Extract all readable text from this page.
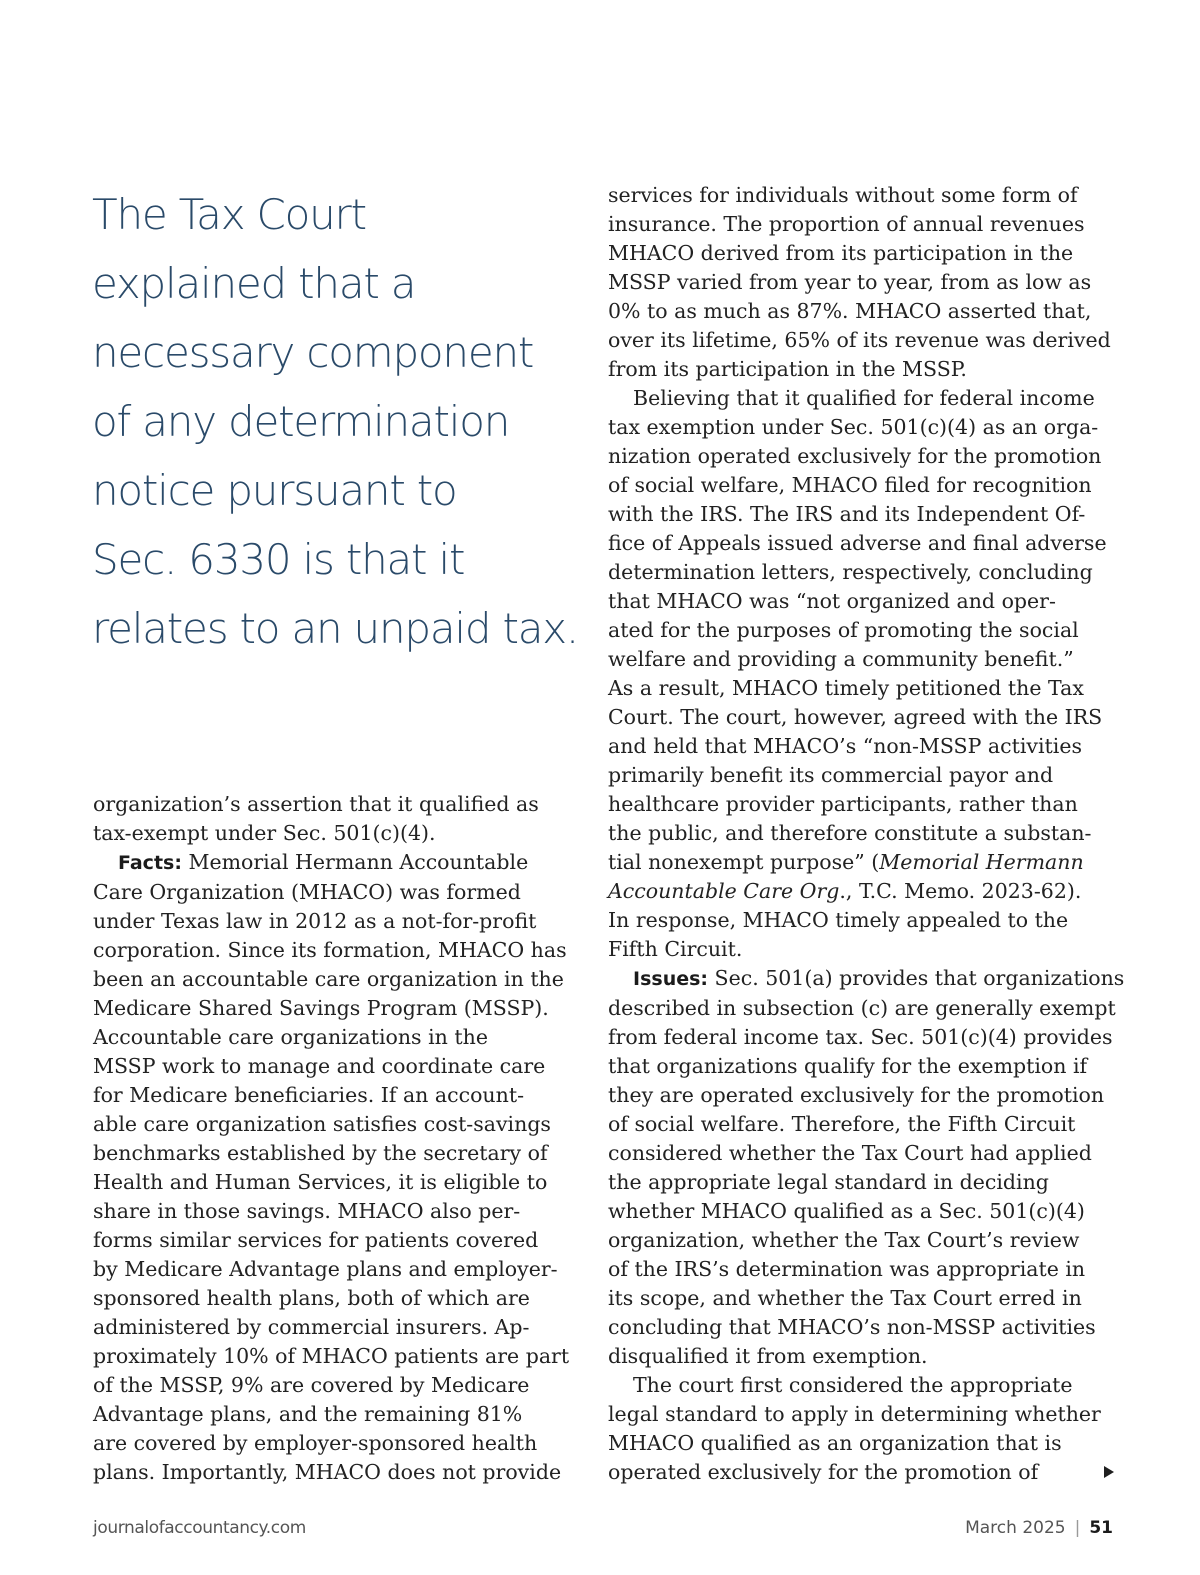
The Tax Court
explained that a
necessary component
of any determination
notice pursuant to
Sec. 6330 is that it
relates to an unpaid tax.
organization’s assertion that it qualified as
tax-exempt under Sec. 501(c)(4).
Facts: Memorial Hermann Accountable
Care Organization (MHACO) was formed
under Texas law in 2012 as a not-for-profit
corporation. Since its formation, MHACO has
been an accountable care organization in the
Medicare Shared Savings Program (MSSP).
Accountable care organizations in the
MSSP work to manage and coordinate care
for Medicare beneficiaries. If an account-
able care organization satisfies cost-savings
benchmarks established by the secretary of
Health and Human Services, it is eligible to
share in those savings. MHACO also per-
forms similar services for patients covered
by Medicare Advantage plans and employer-
sponsored health plans, both of which are
administered by commercial insurers. Ap-
proximately 10% of MHACO patients are part
of the MSSP, 9% are covered by Medicare
Advantage plans, and the remaining 81%
are covered by employer-sponsored health
plans. Importantly, MHACO does not provide
services for individuals without some form of
insurance. The proportion of annual revenues
MHACO derived from its participation in the
MSSP varied from year to year, from as low as
0% to as much as 87%. MHACO asserted that,
over its lifetime, 65% of its revenue was derived
from its participation in the MSSP.
Believing that it qualified for federal income
tax exemption under Sec. 501(c)(4) as an orga-
nization operated exclusively for the promotion
of social welfare, MHACO filed for recognition
with the IRS. The IRS and its Independent Of-
fice of Appeals issued adverse and final adverse
determination letters, respectively, concluding
that MHACO was “not organized and oper-
ated for the purposes of promoting the social
welfare and providing a community benefit.”
As a result, MHACO timely petitioned the Tax
Court. The court, however, agreed with the IRS
and held that MHACO’s “non-MSSP activities
primarily benefit its commercial payor and
healthcare provider participants, rather than
the public, and therefore constitute a substan-
tial nonexempt purpose” (Memorial Hermann
Accountable Care Org., T.C. Memo. 2023-62).
In response, MHACO timely appealed to the
Fifth Circuit.
Issues: Sec. 501(a) provides that organizations
described in subsection (c) are generally exempt
from federal income tax. Sec. 501(c)(4) provides
that organizations qualify for the exemption if
they are operated exclusively for the promotion
of social welfare. Therefore, the Fifth Circuit
considered whether the Tax Court had applied
the appropriate legal standard in deciding
whether MHACO qualified as a Sec. 501(c)(4)
organization, whether the Tax Court’s review
of the IRS’s determination was appropriate in
its scope, and whether the Tax Court erred in
concluding that MHACO’s non-MSSP activities
disqualified it from exemption.
The court first considered the appropriate
legal standard to apply in determining whether
MHACO qualified as an organization that is
operated exclusively for the promotion of
journalofaccountancy.com	March 2025 | 51
